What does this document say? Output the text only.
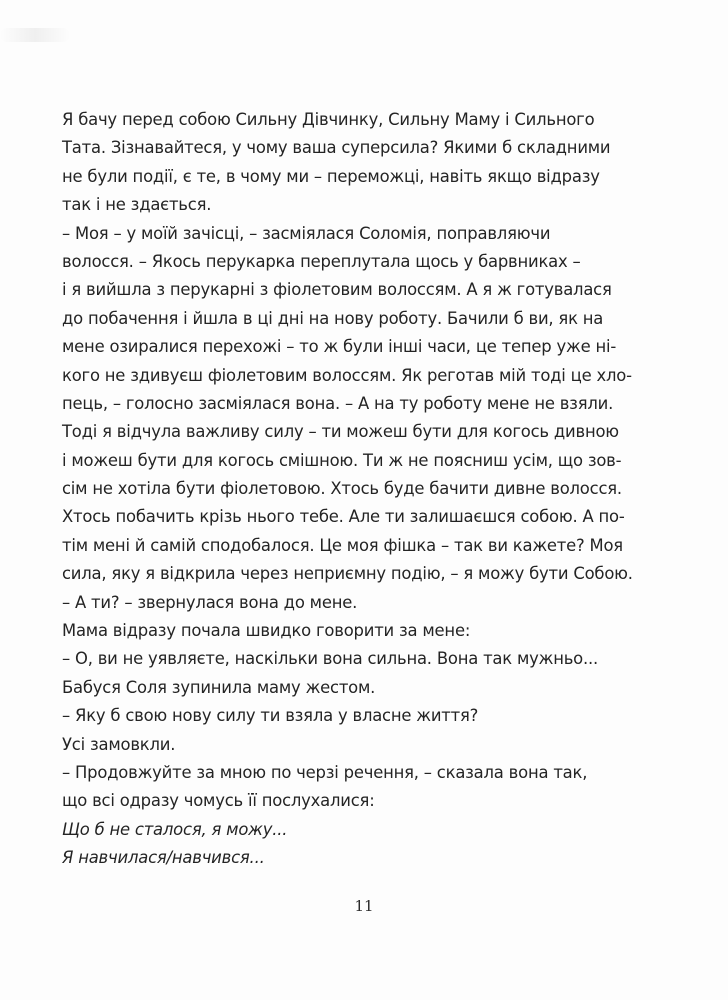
Я бачу перед собою Сильну Дівчинку, Сильну Маму і Сильного
Тата. Зізнавайтеся, у чому ваша суперсила? Якими б складними
не були події, є те, в чому ми – переможці, навіть якщо відразу
так і не здається.
– Моя – у моїй зачісці, – засміялася Соломія, поправляючи
волосся. – Якось перукарка переплутала щось у барвниках –
і я вийшла з перукарні з фіолетовим волоссям. А я ж готувалася
до побачення і йшла в ці дні на нову роботу. Бачили б ви, як на
мене озиралися перехожі – то ж були інші часи, це тепер уже ні-
кого не здивуєш фіолетовим волоссям. Як реготав мій тоді це хло-
пець, – голосно засміялася вона. – А на ту роботу мене не взяли.
Тоді я відчула важливу силу – ти можеш бути для когось дивною
і можеш бути для когось смішною. Ти ж не поясниш усім, що зов-
сім не хотіла бути фіолетовою. Хтось буде бачити дивне волосся.
Хтось побачить крізь нього тебе. Але ти залишаєшся собою. А по-
тім мені й самій сподобалося. Це моя фішка – так ви кажете? Моя
сила, яку я відкрила через неприємну подію, – я можу бути Собою.
– А ти? – звернулася вона до мене.
Мама відразу почала швидко говорити за мене:
– О, ви не уявляєте, наскільки вона сильна. Вона так мужньо...
Бабуся Соля зупинила маму жестом.
– Яку б свою нову силу ти взяла у власне життя?
Усі замовкли.
– Продовжуйте за мною по черзі речення, – сказала вона так,
що всі одразу чомусь її послухалися:
Що б не сталося, я можу...
Я навчилася/навчився...
11
